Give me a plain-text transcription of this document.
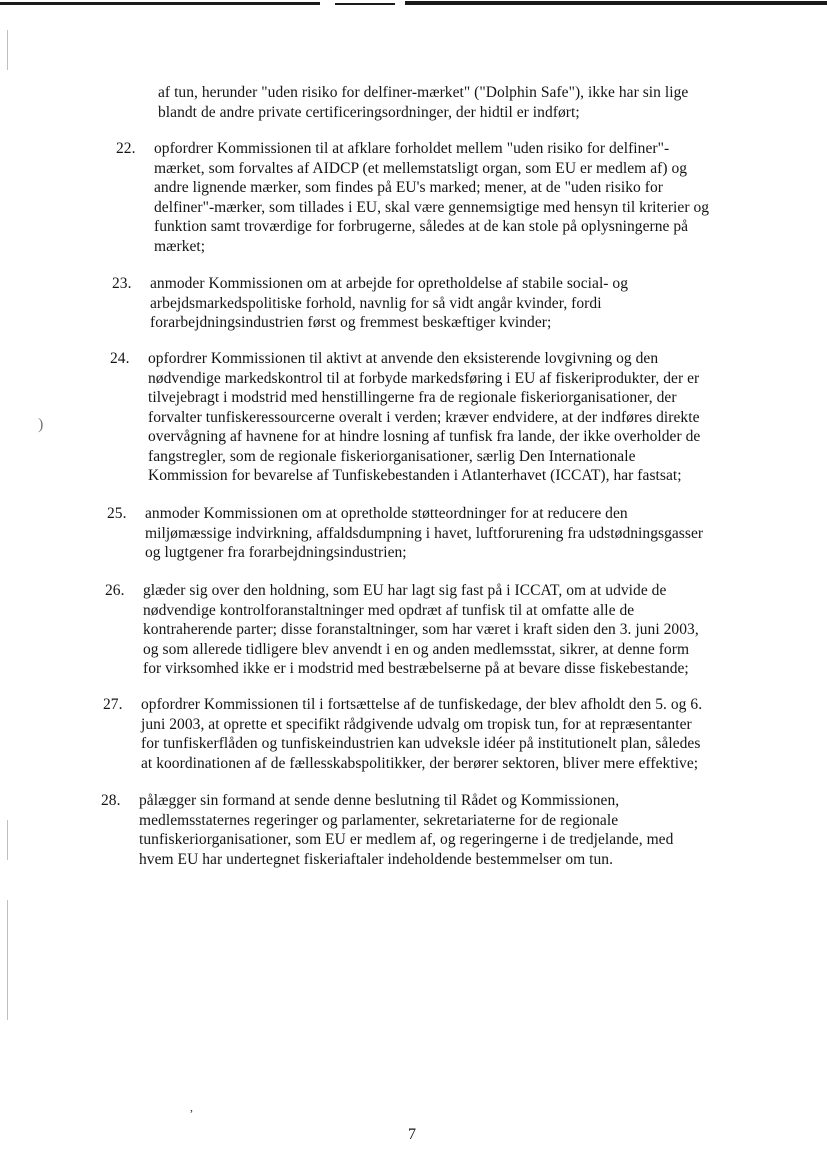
)
,
af tun, herunder "uden risiko for delfiner-mærket" ("Dolphin Safe"), ikke har sin lige
blandt de andre private certificeringsordninger, der hidtil er indført;
22. opfordrer Kommissionen til at afklare forholdet mellem "uden risiko for delfiner"-
mærket, som forvaltes af AIDCP (et mellemstatsligt organ, som EU er medlem af) og
andre lignende mærker, som findes på EU's marked; mener, at de "uden risiko for
delfiner"-mærker, som tillades i EU, skal være gennemsigtige med hensyn til kriterier og
funktion samt troværdige for forbrugerne, således at de kan stole på oplysningerne på
mærket;
23. anmoder Kommissionen om at arbejde for opretholdelse af stabile social- og
arbejdsmarkedspolitiske forhold, navnlig for så vidt angår kvinder, fordi
forarbejdningsindustrien først og fremmest beskæftiger kvinder;
24. opfordrer Kommissionen til aktivt at anvende den eksisterende lovgivning og den
nødvendige markedskontrol til at forbyde markedsføring i EU af fiskeriprodukter, der er
tilvejebragt i modstrid med henstillingerne fra de regionale fiskeriorganisationer, der
forvalter tunfiskeressourcerne overalt i verden; kræver endvidere, at der indføres direkte
overvågning af havnene for at hindre losning af tunfisk fra lande, der ikke overholder de
fangstregler, som de regionale fiskeriorganisationer, særlig Den Internationale
Kommission for bevarelse af Tunfiskebestanden i Atlanterhavet (ICCAT), har fastsat;
25. anmoder Kommissionen om at opretholde støtteordninger for at reducere den
miljømæssige indvirkning, affaldsdumpning i havet, luftforurening fra udstødningsgasser
og lugtgener fra forarbejdningsindustrien;
26. glæder sig over den holdning, som EU har lagt sig fast på i ICCAT, om at udvide de
nødvendige kontrolforanstaltninger med opdræt af tunfisk til at omfatte alle de
kontraherende parter; disse foranstaltninger, som har været i kraft siden den 3. juni 2003,
og som allerede tidligere blev anvendt i en og anden medlemsstat, sikrer, at denne form
for virksomhed ikke er i modstrid med bestræbelserne på at bevare disse fiskebestande;
27. opfordrer Kommissionen til i fortsættelse af de tunfiskedage, der blev afholdt den 5. og 6.
juni 2003, at oprette et specifikt rådgivende udvalg om tropisk tun, for at repræsentanter
for tunfiskerflåden og tunfiskeindustrien kan udveksle idéer på institutionelt plan, således
at koordinationen af de fællesskabspolitikker, der berører sektoren, bliver mere effektive;
28. pålægger sin formand at sende denne beslutning til Rådet og Kommissionen,
medlemsstaternes regeringer og parlamenter, sekretariaterne for de regionale
tunfiskeriorganisationer, som EU er medlem af, og regeringerne i de tredjelande, med
hvem EU har undertegnet fiskeriaftaler indeholdende bestemmelser om tun.
7
